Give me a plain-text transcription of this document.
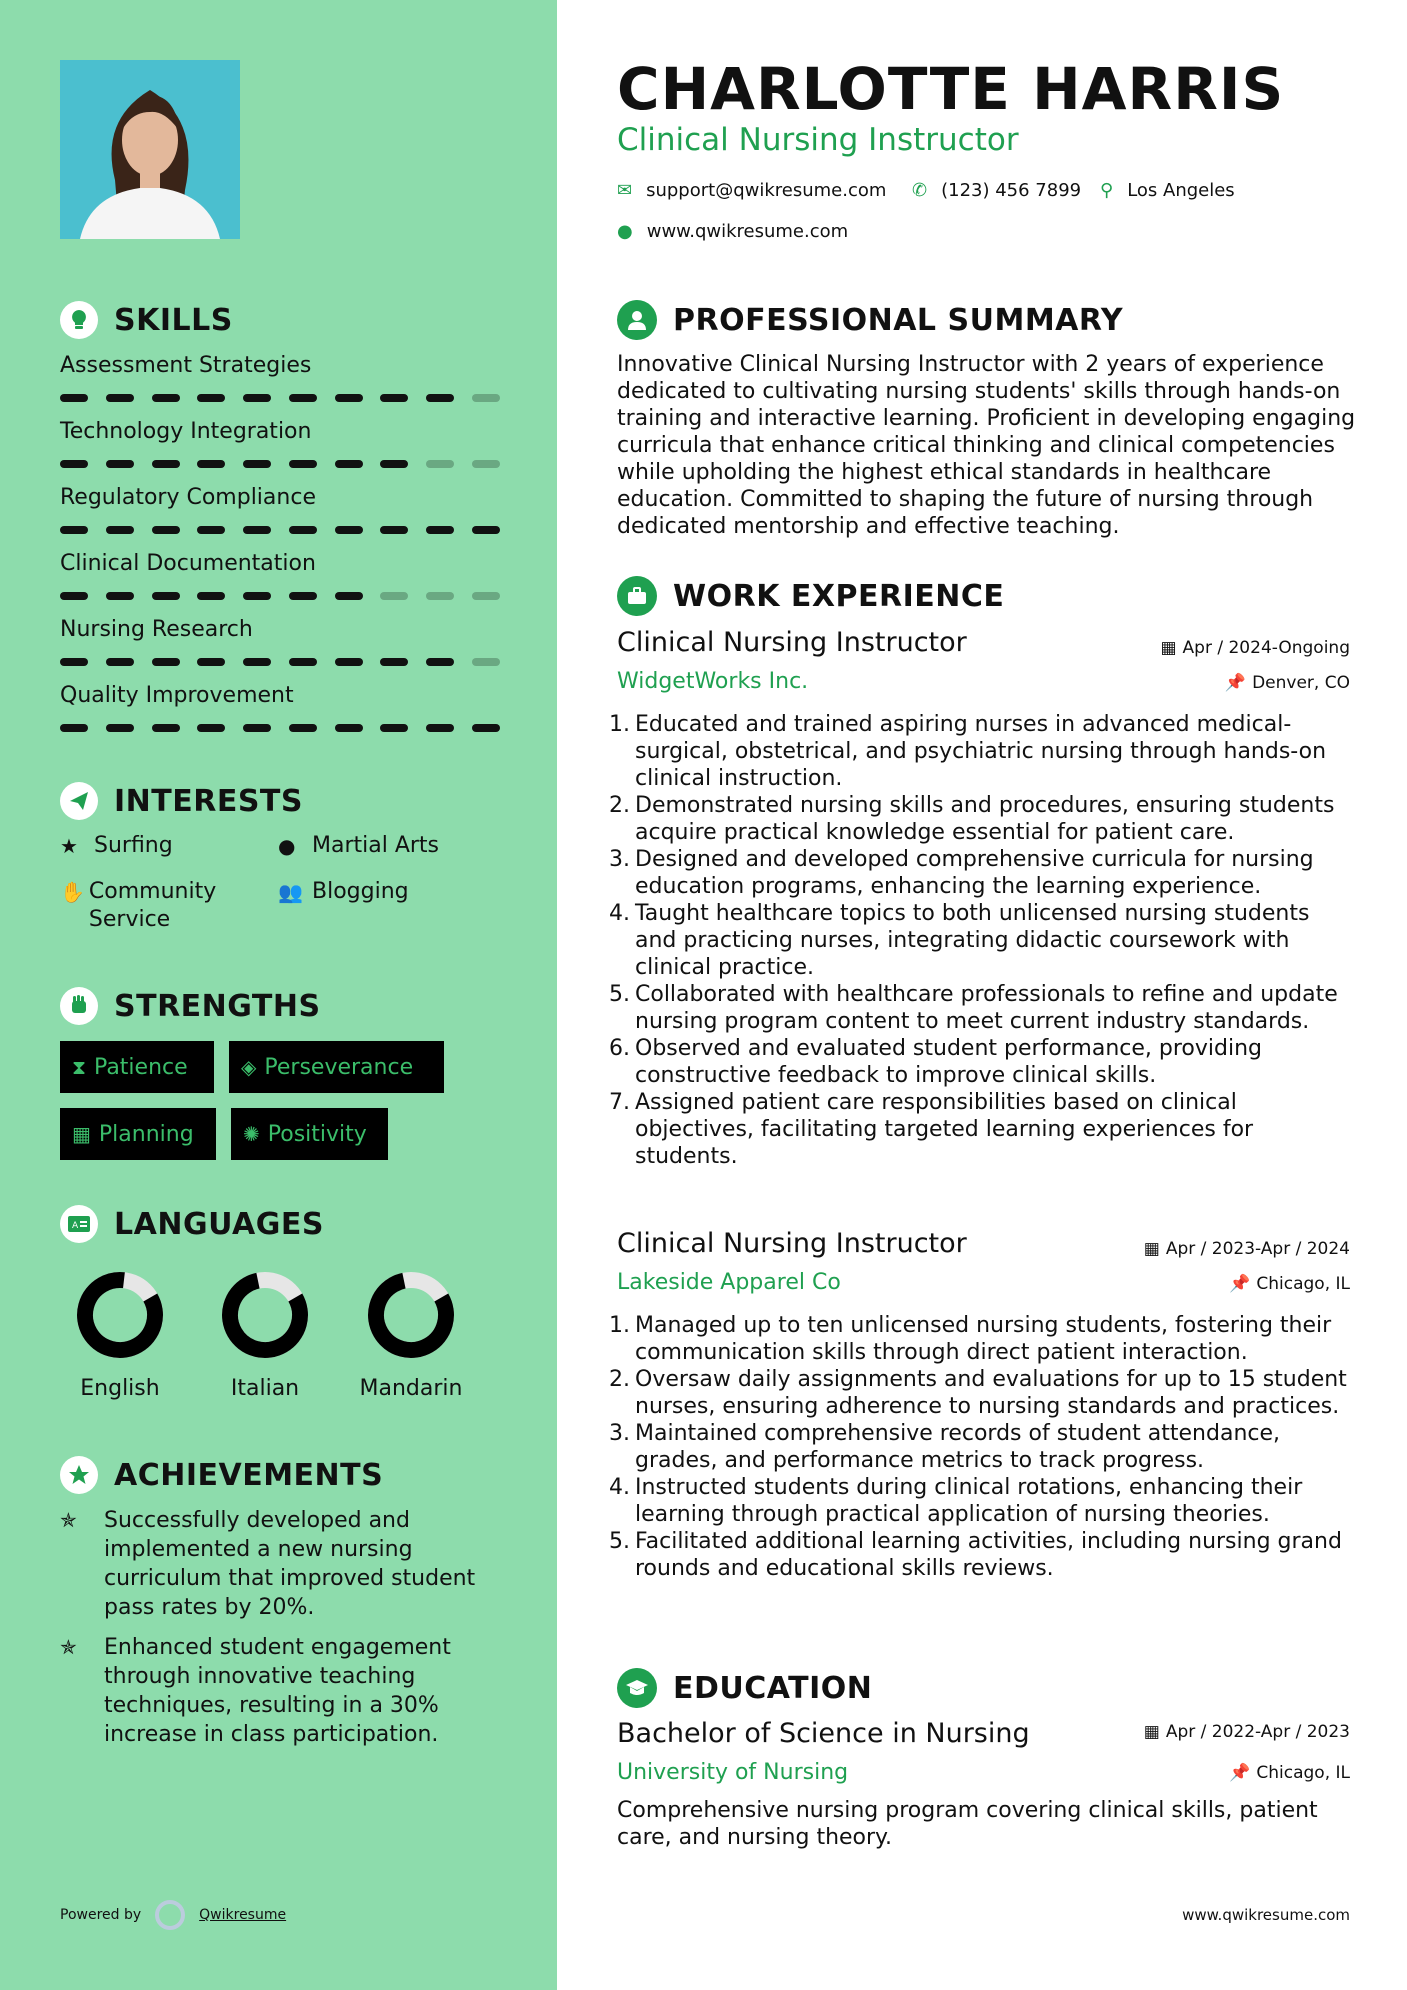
SKILLS
Assessment Strategies
Technology Integration
Regulatory Compliance
Clinical Documentation
Nursing Research
Quality Improvement
INTERESTS
★ Surfing	● Martial Arts
✋ Community Service
👥 Blogging
STRENGTHS
⧗ Patience	◈ Perseverance
▦ Planning ✺ Positivity
A LANGUAGES
English	Italian	Mandarin
ACHIEVEMENTS
✯	Successfully developed and implemented a new nursing curriculum that improved student pass rates by 20%.
✯	Enhanced student engagement through innovative teaching techniques, resulting in a 30% increase in class participation.
Powered by	Qwikresume
CHARLOTTE HARRIS
Clinical Nursing Instructor
✉ support@qwikresume.com ✆ (123) 456 7899 ⚲ Los Angeles
● www.qwikresume.com
PROFESSIONAL SUMMARY
Innovative Clinical Nursing Instructor with 2 years of experience dedicated to cultivating nursing students' skills through hands-on training and interactive learning. Proficient in developing engaging curricula that enhance critical thinking and clinical competencies while upholding the highest ethical standards in healthcare education. Committed to shaping the future of nursing through dedicated mentorship and effective teaching.
WORK EXPERIENCE
Clinical Nursing Instructor	▦ Apr / 2024-Ongoing
WidgetWorks Inc.	📌 Denver, CO
1. Educated and trained aspiring nurses in advanced medical-surgical, obstetrical, and psychiatric nursing through hands-on clinical instruction.
2. Demonstrated nursing skills and procedures, ensuring students acquire practical knowledge essential for patient care.
3. Designed and developed comprehensive curricula for nursing education programs, enhancing the learning experience.
4. Taught healthcare topics to both unlicensed nursing students and practicing nurses, integrating didactic coursework with clinical practice.
5. Collaborated with healthcare professionals to refine and update nursing program content to meet current industry standards.
6. Observed and evaluated student performance, providing constructive feedback to improve clinical skills.
7. Assigned patient care responsibilities based on clinical objectives, facilitating targeted learning experiences for students.
Clinical Nursing Instructor	▦ Apr / 2023-Apr / 2024
Lakeside Apparel Co	📌 Chicago, IL
1. Managed up to ten unlicensed nursing students, fostering their communication skills through direct patient interaction.
2. Oversaw daily assignments and evaluations for up to 15 student nurses, ensuring adherence to nursing standards and practices.
3. Maintained comprehensive records of student attendance, grades, and performance metrics to track progress.
4. Instructed students during clinical rotations, enhancing their learning through practical application of nursing theories.
5. Facilitated additional learning activities, including nursing grand rounds and educational skills reviews.
EDUCATION
Bachelor of Science in Nursing	▦ Apr / 2022-Apr / 2023
University of Nursing	📌 Chicago, IL
Comprehensive nursing program covering clinical skills, patient care, and nursing theory.
www.qwikresume.com
